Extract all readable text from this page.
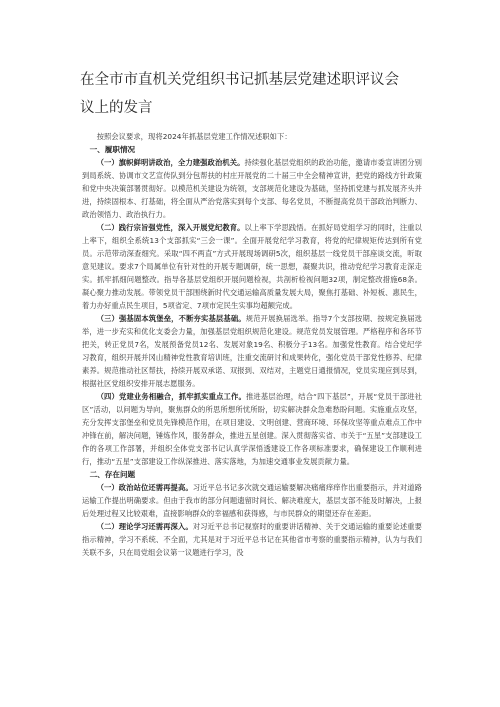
在全市市直机关党组织书记抓基层党建述职评议会
议上的发言

按照会议要求，现将2024年抓基层党建工作情况述职如下：

一、履职情况

（一）旗帜鲜明讲政治，全力建强政治机关。持续强化基层党组织的政治功能，邀请市委宣讲团分别到局系统、协调市文艺宣传队到分包帮扶的村庄开展党的二十届三中全会精神宣讲，把党的路线方针政策和党中央决策部署贯彻好。以模范机关建设为统领，支部规范化建设为基础，坚持抓党建与抓发展齐头并进，持续固根本、打基础，将全面从严治党落实到每个支部、每名党员，不断提高党员干部政治判断力、政治领悟力、政治执行力。

（二）践行宗旨强党性，深入开展党纪教育。以上率下学思践悟。在抓好局党组学习的同时，注重以上率下，组织全系统13个支部抓实“三会一课”。全面开展党纪学习教育，将党的纪律规矩传达到所有党员。示范带动深查细究。采取“四不两直”方式开展现场调研5次，组织基层一线党员干部座谈交流，听取意见建议。要求7个局属单位有针对性的开展专题调研，统一思想，凝聚共识，推动党纪学习教育走深走实。抓牢抓细问题整改。指导各基层党组织开展问题检视，共剖析检视问题32项，制定整改措施68条。凝心聚力推动发展。带领党员干部围绕新时代交通运输高质量发展大局，聚焦打基础、补短板、惠民生，着力办好重点民生项目，5项省定、7项市定民生实事均超额完成。

（三）强基固本筑堡垒，不断夯实基层基础。规范开展换届选举。指导7个支部按期、按规定换届选举，进一步充实和优化支委会力量，加强基层党组织规范化建设。规范党员发展管理。严格程序和各环节把关，转正党员7名，发展预备党员12名、发展对象19名、积极分子13名。加强党性教育。结合党纪学习教育，组织开展并冈山精神党性教育培训班，注重交流研讨和成果转化，强化党员干部党性修养、纪律素养。规范推动社区帮扶，持续开展双承诺、双报到、双结对，主题党日通报情况，党员实现应到尽到，根据社区党组织安排开展志愿服务。

（四）党建业务相融合，抓牢抓实重点工作。推进基层治理，结合“四下基层”，开展“党员干部进社区”活动，以问题为导向，聚焦群众的所思所想所忧所盼，切实解决群众急难愁盼问题。实施重点攻坚，充分发挥支部堡垒和党员先锋模范作用，在项目建设、文明创建、营商环境、环保攻坚等重点难点工作中冲锋在前，解决问题，锤炼作风，服务群众，推进五星创建。深入贯彻落实省、市关于“五星”支部建设工作的各项工作部署，并组织全体党支部书记认真学深悟透建设工作各项标准要求，确保建设工作顺利进行，推动“五星”支部建设工作纵深推进、落实落地，为加速交通事业发展贡献力量。

二、存在问题

（一）政治站位还需再提高。习近平总书记多次就交通运输要解决痛痛痒痒作出重要指示，并对道路运输工作提出明确要求。但由于我市的部分问题遗留时间长、解决难度大，基层支部不能及时解决，上报后处理过程又比较艰难，直接影响群众的幸福感和获得感，与市民群众的期望还存在差距。

（二）理论学习还需再深入。对习近平总书记视察时的重要讲话精神、关于交通运输的重要论述重要指示精神，学习不系统、不全面，尤其是对于习近平总书记在其他省市考察的重要指示精神，认为与我们关联不多，只在局党组会议第一议题进行学习，没
